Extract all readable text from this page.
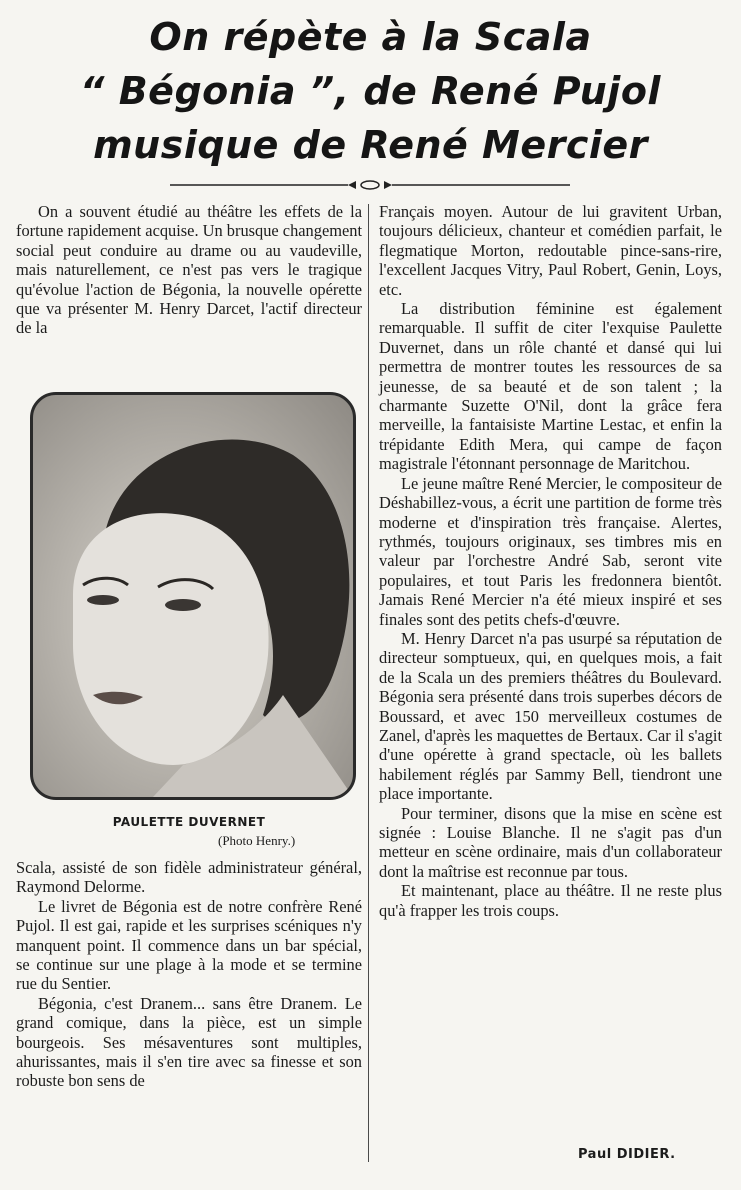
On répète à la Scala
“ Bégonia ”, de René Pujol
musique de René Mercier

On a souvent étudié au théâtre les effets de la fortune rapidement acquise. Un brusque changement social peut conduire au drame ou au vaudeville, mais naturellement, ce n'est pas vers le tragique qu'évolue l'action de Bégonia, la nouvelle opérette que va présenter M. Henry Darcet, l'actif directeur de la

PAULETTE DUVERNET
(Photo Henry.)

Scala, assisté de son fidèle administrateur général, Raymond Delorme.

Le livret de Bégonia est de notre confrère René Pujol. Il est gai, rapide et les surprises scéniques n'y manquent point. Il commence dans un bar spécial, se continue sur une plage à la mode et se termine rue du Sentier.

Bégonia, c'est Dranem... sans être Dranem. Le grand comique, dans la pièce, est un simple bourgeois. Ses mésaventures sont multiples, ahurissantes, mais il s'en tire avec sa finesse et son robuste bon sens de

Français moyen. Autour de lui gravitent Urban, toujours délicieux, chanteur et comédien parfait, le flegmatique Morton, redoutable pince-sans-rire, l'excellent Jacques Vitry, Paul Robert, Genin, Loys, etc.

La distribution féminine est également remarquable. Il suffit de citer l'exquise Paulette Duvernet, dans un rôle chanté et dansé qui lui permettra de montrer toutes les ressources de sa jeunesse, de sa beauté et de son talent ; la charmante Suzette O'Nil, dont la grâce fera merveille, la fantaisiste Martine Lestac, et enfin la trépidante Edith Mera, qui campe de façon magistrale l'étonnant personnage de Maritchou.

Le jeune maître René Mercier, le compositeur de Déshabillez-vous, a écrit une partition de forme très moderne et d'inspiration très française. Alertes, rythmés, toujours originaux, ses timbres mis en valeur par l'orchestre André Sab, seront vite populaires, et tout Paris les fredonnera bientôt. Jamais René Mercier n'a été mieux inspiré et ses finales sont des petits chefs-d'œuvre.

M. Henry Darcet n'a pas usurpé sa réputation de directeur somptueux, qui, en quelques mois, a fait de la Scala un des premiers théâtres du Boulevard. Bégonia sera présenté dans trois superbes décors de Boussard, et avec 150 merveilleux costumes de Zanel, d'après les maquettes de Bertaux. Car il s'agit d'une opérette à grand spectacle, où les ballets habilement réglés par Sammy Bell, tiendront une place importante.

Pour terminer, disons que la mise en scène est signée : Louise Blanche. Il ne s'agit pas d'un metteur en scène ordinaire, mais d'un collaborateur dont la maîtrise est reconnue par tous.

Et maintenant, place au théâtre. Il ne reste plus qu'à frapper les trois coups.

Paul DIDIER.
